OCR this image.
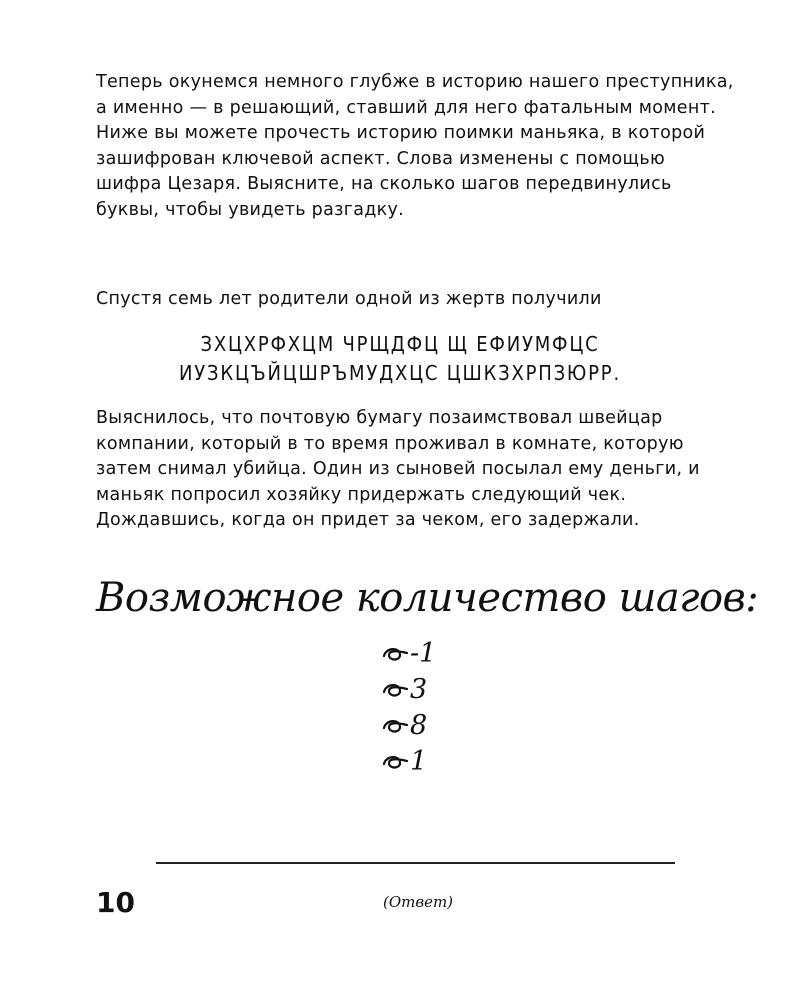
Теперь окунемся немного глубже в историю нашего преступника, а именно — в решающий, ставший для него фатальным момент.

Ниже вы можете прочесть историю поимки маньяка, в которой зашифрован ключевой аспект. Слова изменены с помощью шифра Цезаря. Выясните, на сколько шагов передвинулись буквы, чтобы увидеть разгадку.

Спустя семь лет родители одной из жертв получили
ЗХЦХРФХЦМ ЧРЩДФЦ Щ ЕФИУМФЦС
ИУЗКЦЪЙЦШРЪМУДХЦС ЦШКЗХРПЗЮРР.
Выяснилось, что почтовую бумагу позаимствовал швейцар компании, который в то время проживал в комнате, которую затем снимал убийца. Один из сыновей посылал ему деньги, и маньяк попросил хозяйку придержать следующий чек. Дождавшись, когда он придет за чеком, его задержали.
Возможное количество шагов:
-1
3
8
1
10	(Ответ)
